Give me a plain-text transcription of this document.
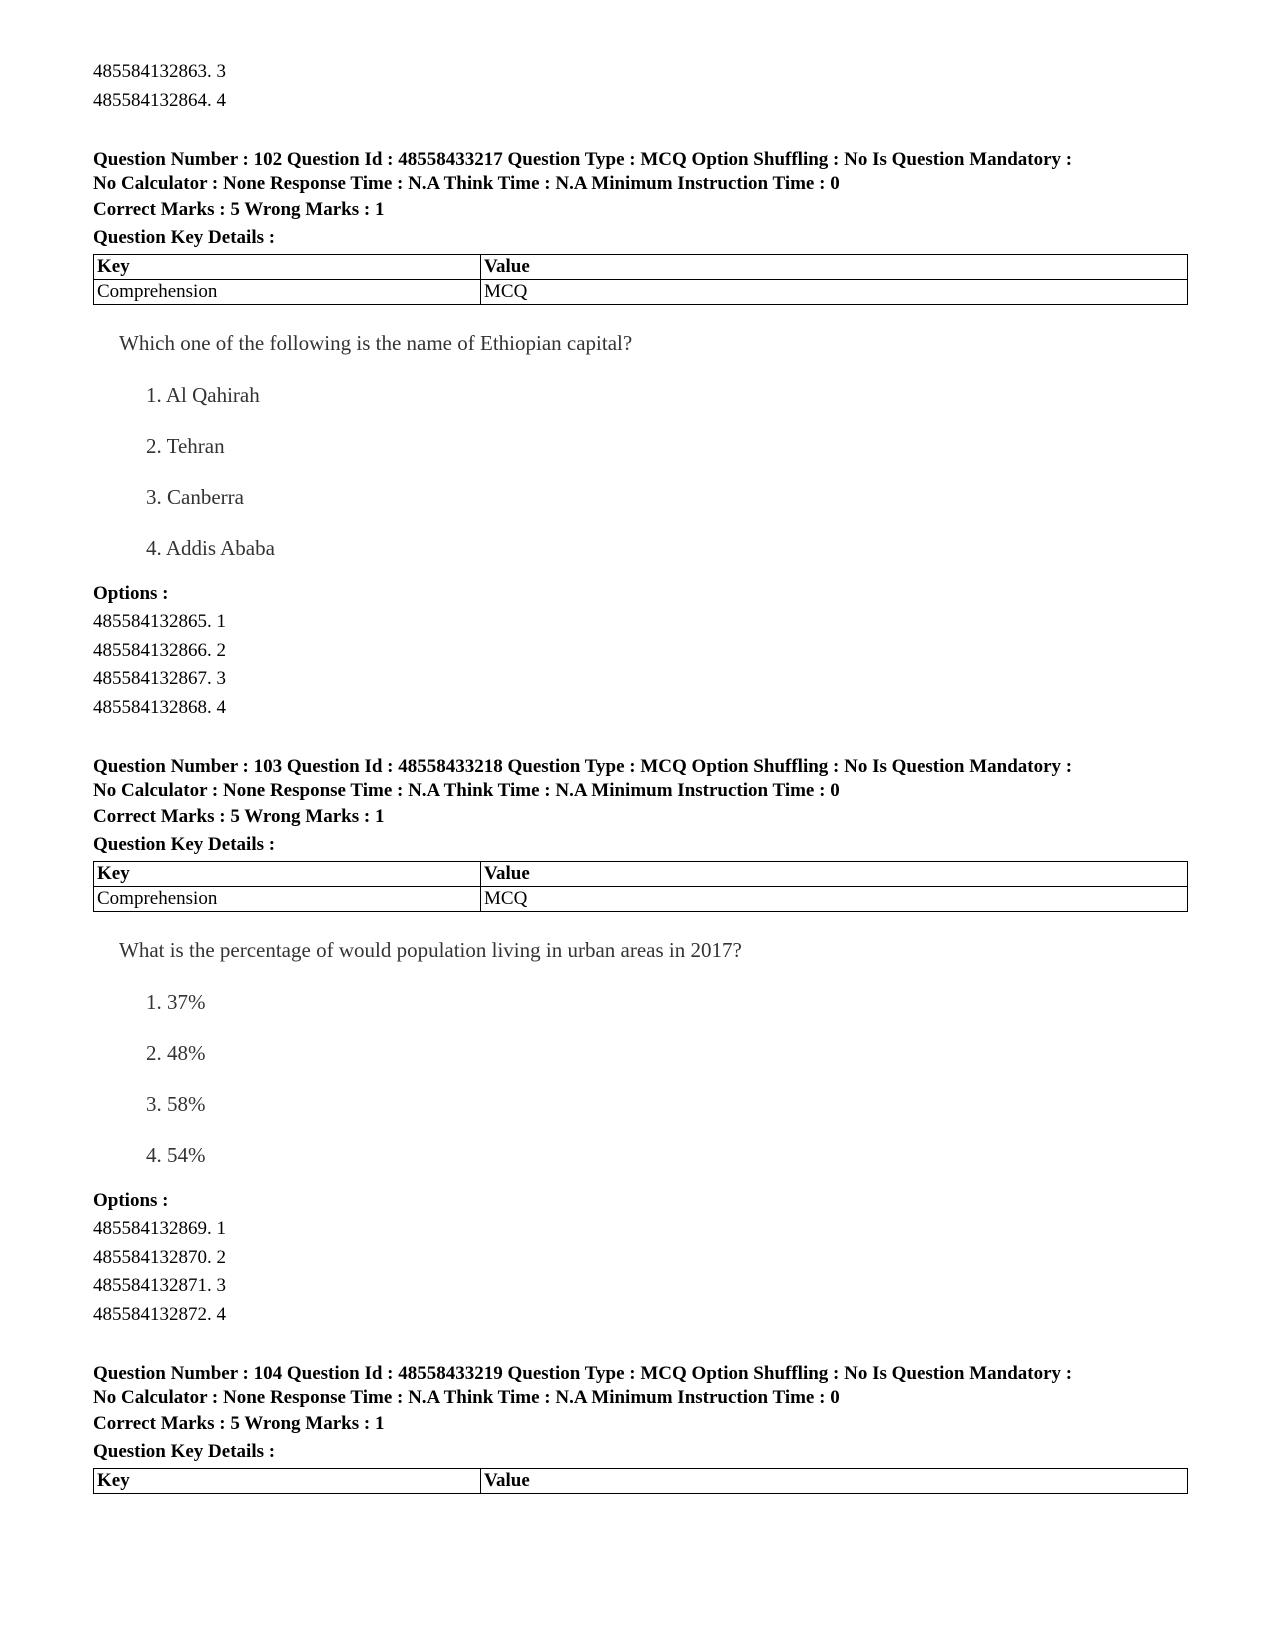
485584132863. 3
485584132864. 4
Question Number : 102 Question Id : 48558433217 Question Type : MCQ Option Shuffling : No Is Question Mandatory :
No Calculator : None Response Time : N.A Think Time : N.A Minimum Instruction Time : 0
Correct Marks : 5 Wrong Marks : 1
Question Key Details :
Key	Value
Comprehension	MCQ
Which one of the following is the name of Ethiopian capital?
1. Al Qahirah
2. Tehran
3. Canberra
4. Addis Ababa
Options :
485584132865. 1
485584132866. 2
485584132867. 3
485584132868. 4
Question Number : 103 Question Id : 48558433218 Question Type : MCQ Option Shuffling : No Is Question Mandatory :
No Calculator : None Response Time : N.A Think Time : N.A Minimum Instruction Time : 0
Correct Marks : 5 Wrong Marks : 1
Question Key Details :
Key	Value
Comprehension	MCQ
What is the percentage of would population living in urban areas in 2017?
1. 37%
2. 48%
3. 58%
4. 54%
Options :
485584132869. 1
485584132870. 2
485584132871. 3
485584132872. 4
Question Number : 104 Question Id : 48558433219 Question Type : MCQ Option Shuffling : No Is Question Mandatory :
No Calculator : None Response Time : N.A Think Time : N.A Minimum Instruction Time : 0
Correct Marks : 5 Wrong Marks : 1
Question Key Details :
Key	Value
